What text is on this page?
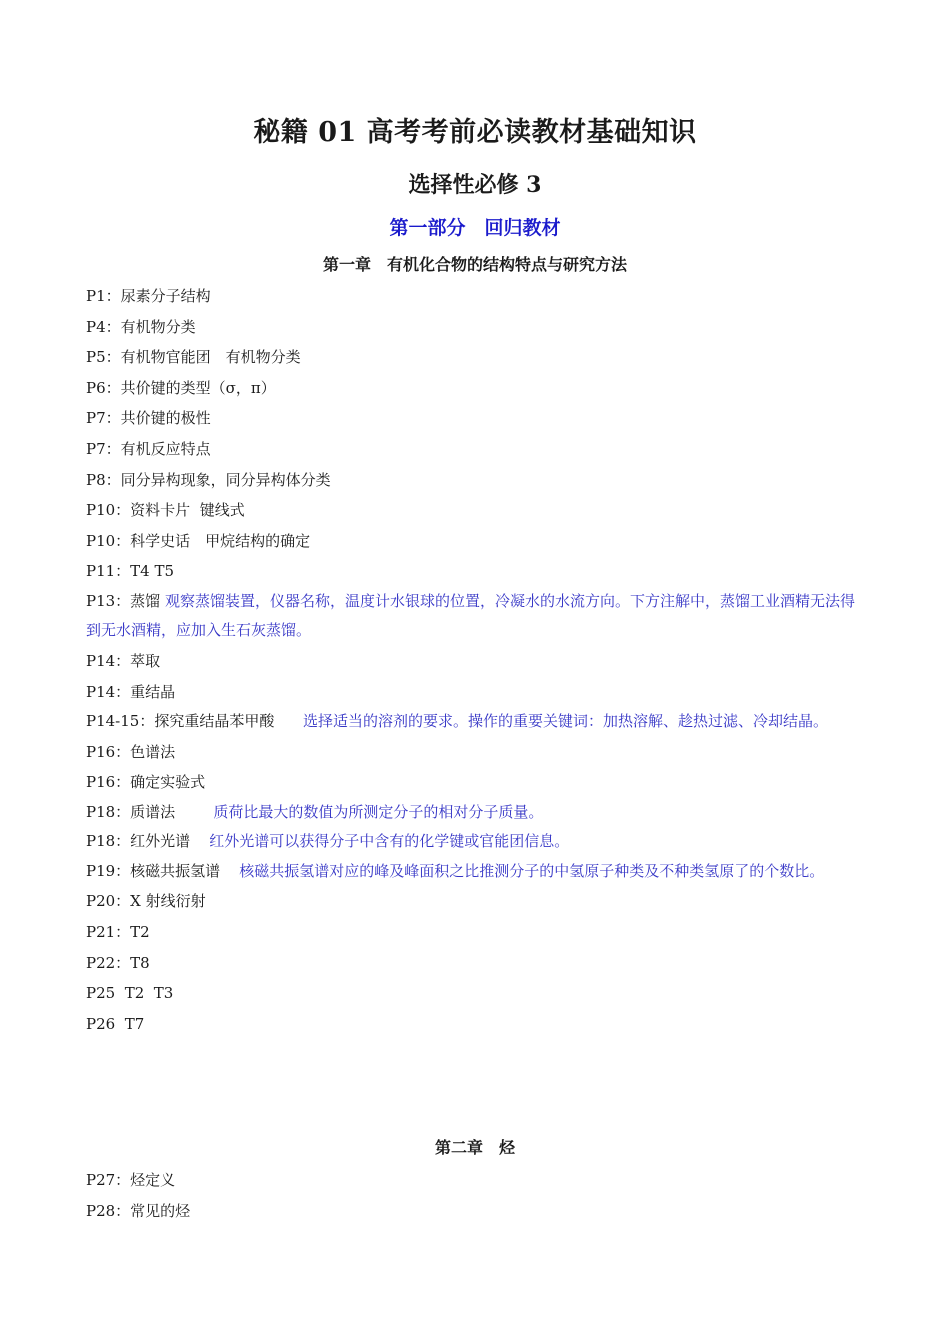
秘籍 01 高考考前必读教材基础知识
选择性必修 3
第一部分　回归教材
第一章　有机化合物的结构特点与研究方法
P1：尿素分子结构
P4：有机物分类
P5：有机物官能团　有机物分类
P6：共价键的类型（σ，π）
P7：共价键的极性
P7：有机反应特点
P8：同分异构现象，同分异构体分类
P10：资料卡片  键线式
P10：科学史话　甲烷结构的确定
P11：T4 T5
P13：蒸馏 观察蒸馏装置，仪器名称，温度计水银球的位置，冷凝水的水流方向。下方注解中，蒸馏工业酒精无法得到无水酒精，应加入生石灰蒸馏。
P14：萃取
P14：重结晶
P14-15：探究重结晶苯甲酸      选择适当的溶剂的要求。操作的重要关键词：加热溶解、趁热过滤、冷却结晶。
P16：色谱法
P16：确定实验式
P18：质谱法        质荷比最大的数值为所测定分子的相对分子质量。
P18：红外光谱    红外光谱可以获得分子中含有的化学键或官能团信息。
P19：核磁共振氢谱    核磁共振氢谱对应的峰及峰面积之比推测分子的中氢原子种类及不种类氢原了的个数比。
P20：X 射线衍射
P21：T2
P22：T8
P25  T2  T3
P26  T7
第二章　烃
P27：烃定义
P28：常见的烃
